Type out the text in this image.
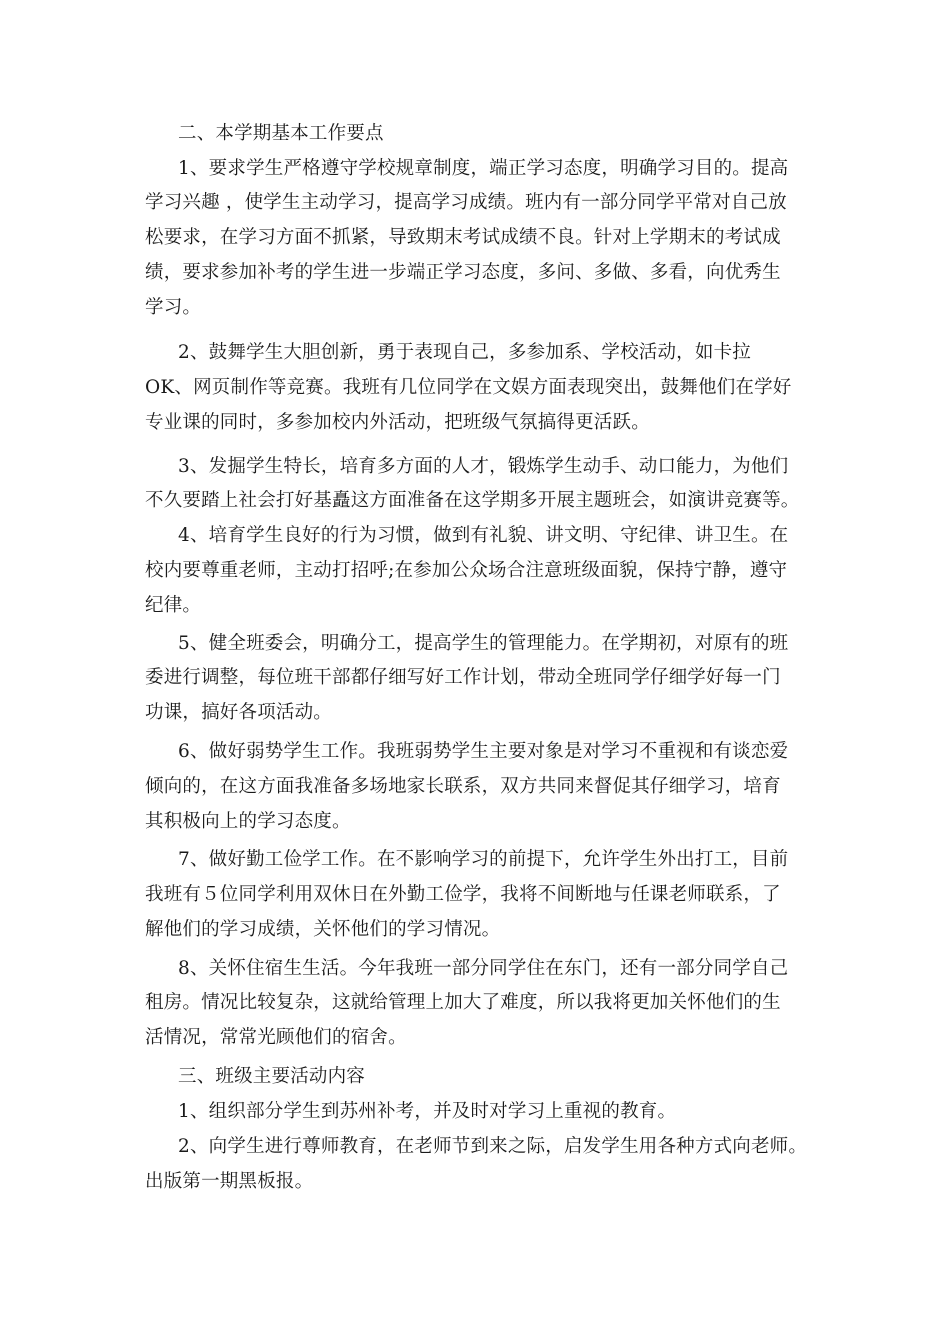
二、本学期基本工作要点
1、要求学生严格遵守学校规章制度，端正学习态度，明确学习目的。提高
学习兴趣 ，使学生主动学习，提高学习成绩。班内有一部分同学平常对自己放
松要求，在学习方面不抓紧，导致期末考试成绩不良。针对上学期末的考试成
绩，要求参加补考的学生进一步端正学习态度，多问、多做、多看，向优秀生
学习。
2、鼓舞学生大胆创新，勇于表现自己，多参加系、学校活动，如卡拉
OK、网页制作等竞赛。我班有几位同学在文娱方面表现突出，鼓舞他们在学好
专业课的同时，多参加校内外活动，把班级气氛搞得更活跃。
3、发掘学生特长，培育多方面的人才，锻炼学生动手、动口能力，为他们
不久要踏上社会打好基矗这方面准备在这学期多开展主题班会，如演讲竞赛等。
4、培育学生良好的行为习惯，做到有礼貌、讲文明、守纪律、讲卫生。在
校内要尊重老师，主动打招呼;在参加公众场合注意班级面貌，保持宁静，遵守
纪律。
5、健全班委会，明确分工，提高学生的管理能力。在学期初，对原有的班
委进行调整，每位班干部都仔细写好工作计划，带动全班同学仔细学好每一门
功课，搞好各项活动。
6、做好弱势学生工作。我班弱势学生主要对象是对学习不重视和有谈恋爱
倾向的，在这方面我准备多场地家长联系，双方共同来督促其仔细学习，培育
其积极向上的学习态度。
7、做好勤工俭学工作。在不影响学习的前提下，允许学生外出打工，目前
我班有５位同学利用双休日在外勤工俭学，我将不间断地与任课老师联系，了
解他们的学习成绩，关怀他们的学习情况。
8、关怀住宿生生活。今年我班一部分同学住在东门，还有一部分同学自己
租房。情况比较复杂，这就给管理上加大了难度，所以我将更加关怀他们的生
活情况，常常光顾他们的宿舍。
三、班级主要活动内容
1、组织部分学生到苏州补考，并及时对学习上重视的教育。
2、向学生进行尊师教育，在老师节到来之际，启发学生用各种方式向老师。
出版第一期黑板报。
